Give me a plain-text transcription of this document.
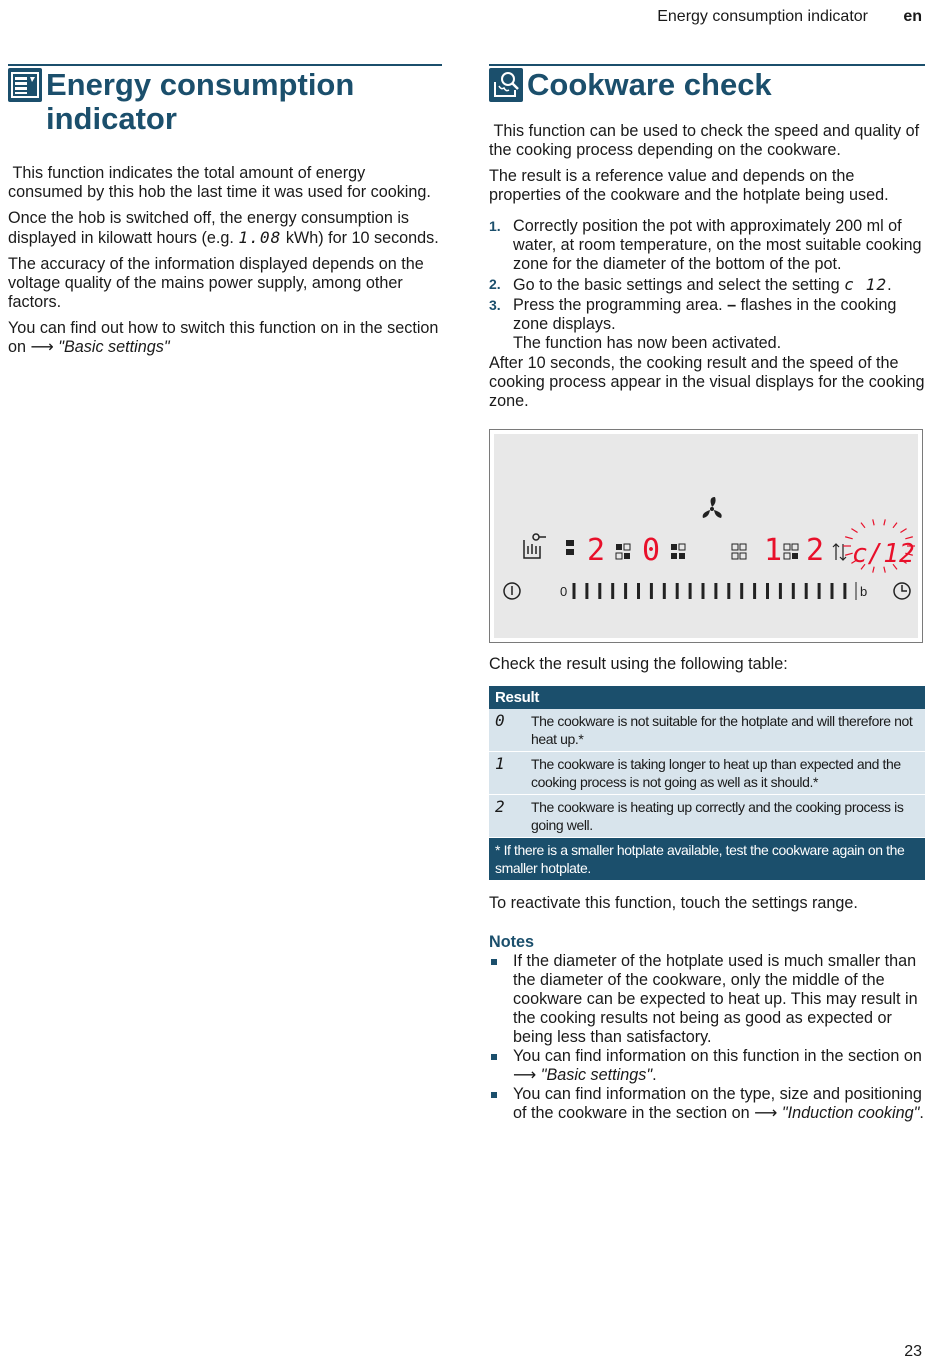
Energy consumption indicator en
Energy consumption
indicator

This function indicates the total amount of energy consumed by this hob the last time it was used for cooking.

Once the hob is switched off, the energy consumption is displayed in kilowatt hours (e.g. 1.08 kWh) for 10 seconds.

The accuracy of the information displayed depends on the voltage quality of the mains power supply, among other factors.

You can find out how to switch this function on in the section on ⟶ "Basic settings"

Cookware check

This function can be used to check the speed and quality of the cooking process depending on the cookware.

The result is a reference value and depends on the properties of the cookware and the hotplate being used.

1. Correctly position the pot with approximately 200 ml of water, at room temperature, on the most suitable cooking zone for the diameter of the bottom of the pot.
2. Go to the basic settings and select the setting c 12.
3. Press the programming area. – flashes in the cooking zone displays.
The function has now been activated.

After 10 seconds, the cooking result and the speed of the cooking process appear in the visual displays for the cooking zone.

2 0	1 2 c/12
0	b

Check the result using the following table:

Result	
0	The cookware is not suitable for the hotplate and will therefore not heat up.*
1	The cookware is taking longer to heat up than expected and the cooking process is not going as well as it should.*
2	The cookware is heating up correctly and the cooking process is going well.
* If there is a smaller hotplate available, test the cookware again on the smaller hotplate.	

To reactivate this function, touch the settings range.

Notes
If the diameter of the hotplate used is much smaller than the diameter of the cookware, only the middle of the cookware can be expected to heat up. This may result in the cooking results not being as good as expected or being less than satisfactory.
You can find information on this function in the section on ⟶ "Basic settings".
You can find information on the type, size and positioning of the cookware in the section on ⟶ "Induction cooking".
23
